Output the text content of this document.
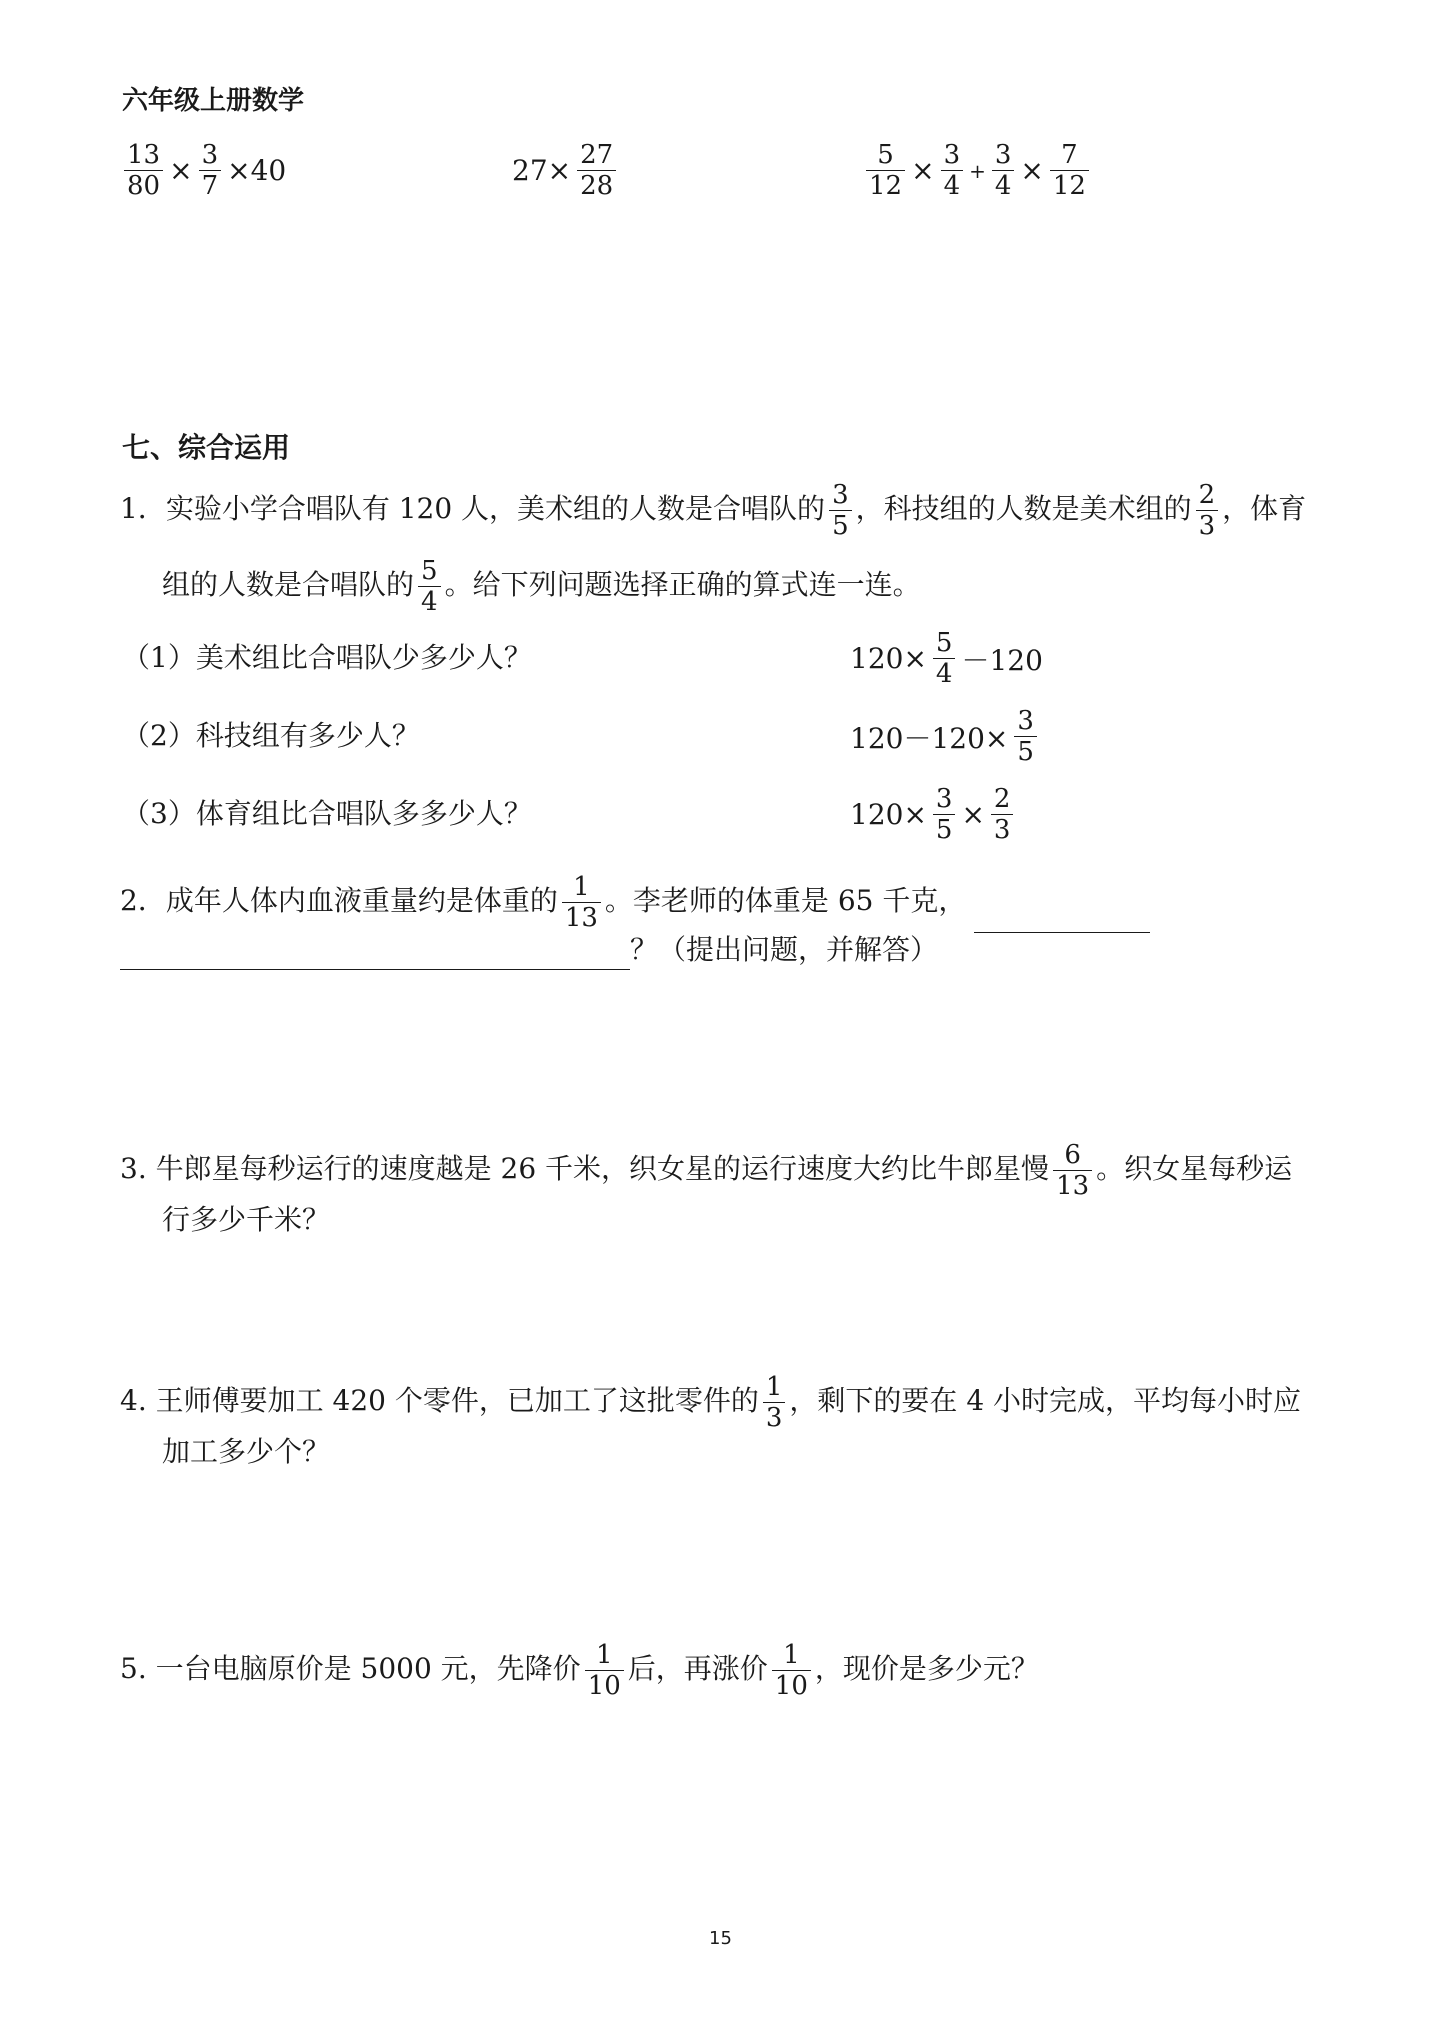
六年级上册数学
$\frac{13}{80} \times \frac{3}{7} \times 40$	$27\times \frac{27}{28}$	$\frac{5}{12} \times \frac{3}{4} + \frac{3}{4} \times \frac{7}{12}$
七、综合运用
1．实验小学合唱队有 120 人，美术组的人数是合唱队的 $\frac{3}{5}$ ，科技组的人数是美术组的 $\frac{2}{3}$ ，体育
组的人数是合唱队的 $\frac{5}{4}$ 。给下列问题选择正确的算式连一连。
（1）美术组比合唱队少多少人？
（2）科技组有多少人？
（3）体育组比合唱队多多少人？
$120\times \frac{5}{4} -120$
$120-120\times \frac{3}{5}$
$120\times \frac{3}{5} \times \frac{2}{3}$
2．成年人体内血液重量约是体重的 $\frac{1}{13}$ 。李老师的体重是 65 千克，
？（提出问题，并解答）
3. 牛郎星每秒运行的速度越是 26 千米，织女星的运行速度大约比牛郎星慢 $\frac{6}{13}$ 。织女星每秒运
行多少千米？
4. 王师傅要加工 420 个零件，已加工了这批零件的 $\frac{1}{3}$ ，剩下的要在 4 小时完成，平均每小时应
加工多少个？
5. 一台电脑原价是 5000 元，先降价 $\frac{1}{10}$ 后，再涨价 $\frac{1}{10}$ ，现价是多少元？
15
